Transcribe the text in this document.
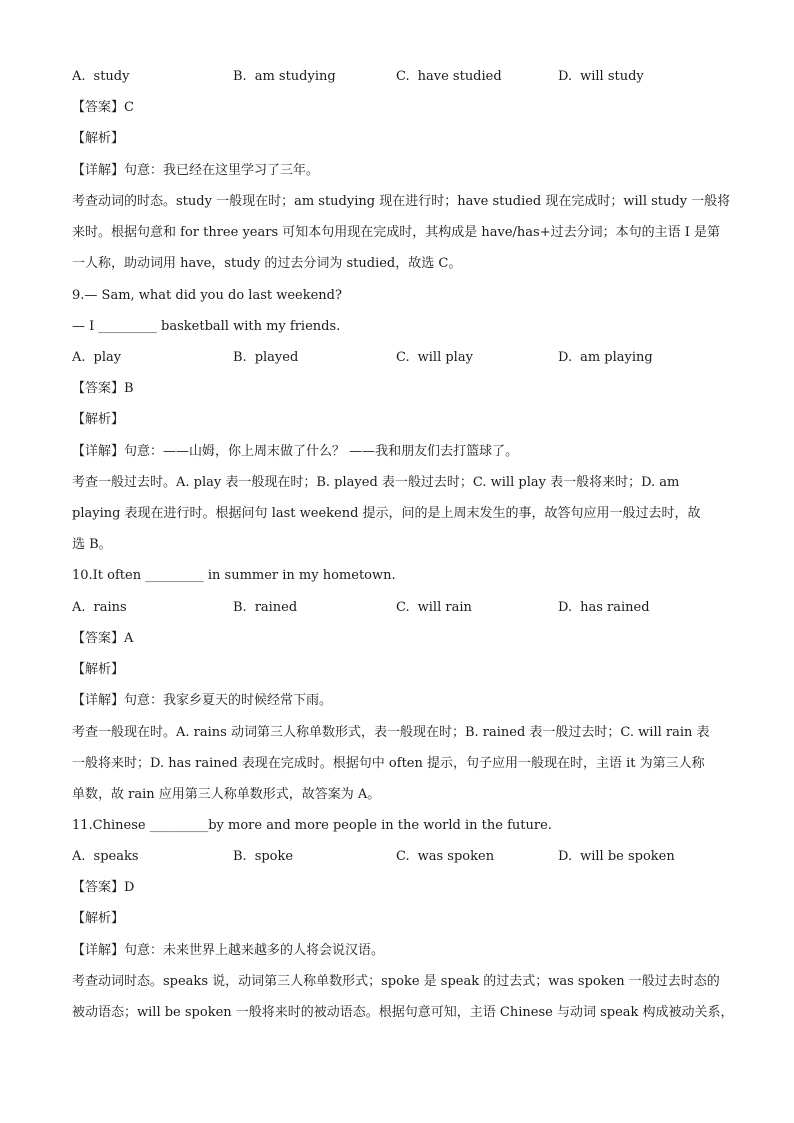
A. study	B. am studying	C. have studied	D. will study
【答案】C
【解析】
【详解】句意：我已经在这里学习了三年。
考查动词的时态。study 一般现在时；am studying 现在进行时；have studied 现在完成时；will study 一般将
来时。根据句意和 for three years 可知本句用现在完成时，其构成是 have/has+过去分词；本句的主语 I 是第
一人称，助动词用 have，study 的过去分词为 studied，故选 C。
9.— Sam, what did you do last weekend?
— I _________ basketball with my friends.
A. play	B. played	C. will play	D. am playing
【答案】B
【解析】
【详解】句意：——山姆，你上周末做了什么？ ——我和朋友们去打篮球了。
考查一般过去时。A. play 表一般现在时；B. played 表一般过去时；C. will play 表一般将来时；D. am
playing 表现在进行时。根据问句 last weekend 提示，问的是上周末发生的事，故答句应用一般过去时，故
选 B。
10.It often _________ in summer in my hometown.
A. rains	B. rained	C. will rain	D. has rained
【答案】A
【解析】
【详解】句意：我家乡夏天的时候经常下雨。
考查一般现在时。A. rains 动词第三人称单数形式，表一般现在时；B. rained 表一般过去时；C. will rain 表
一般将来时；D. has rained 表现在完成时。根据句中 often 提示，句子应用一般现在时，主语 it 为第三人称
单数，故 rain 应用第三人称单数形式，故答案为 A。
11.Chinese _________by more and more people in the world in the future.
A. speaks	B. spoke	C. was spoken	D. will be spoken
【答案】D
【解析】
【详解】句意：未来世界上越来越多的人将会说汉语。
考查动词时态。speaks 说，动词第三人称单数形式；spoke 是 speak 的过去式；was spoken 一般过去时态的
被动语态；will be spoken 一般将来时的被动语态。根据句意可知，主语 Chinese 与动词 speak 构成被动关系，
